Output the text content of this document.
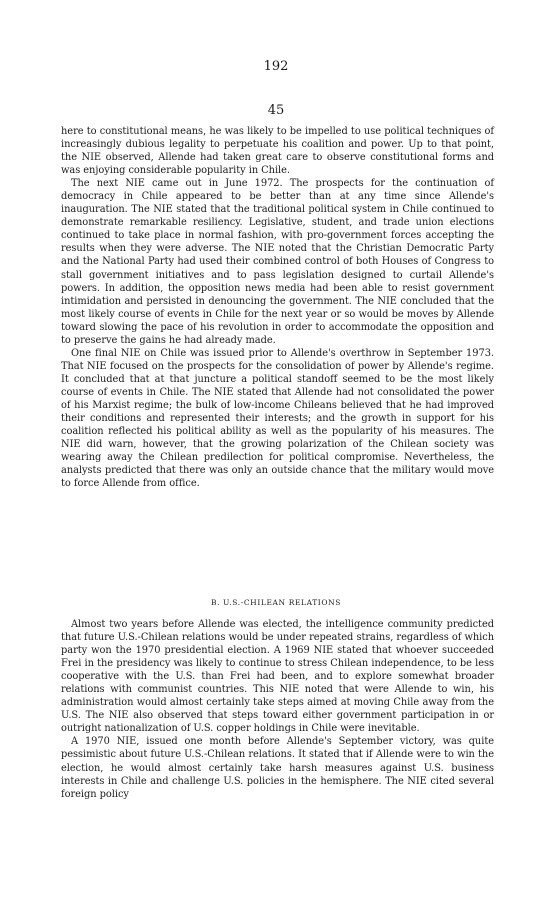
192
45

here to constitutional means, he was likely to be impelled to use political techniques of increasingly dubious legality to perpetuate his coalition and power. Up to that point, the NIE observed, Allende had taken great care to observe constitutional forms and was enjoying considerable popularity in Chile.

The next NIE came out in June 1972. The prospects for the continuation of democracy in Chile appeared to be better than at any time since Allende's inauguration. The NIE stated that the traditional political system in Chile continued to demonstrate remarkable resiliency. Legislative, student, and trade union elections continued to take place in normal fashion, with pro-government forces accepting the results when they were adverse. The NIE noted that the Christian Democratic Party and the National Party had used their combined control of both Houses of Congress to stall government initiatives and to pass legislation designed to curtail Allende's powers. In addition, the opposition news media had been able to resist government intimidation and persisted in denouncing the government. The NIE concluded that the most likely course of events in Chile for the next year or so would be moves by Allende toward slowing the pace of his revolution in order to accommodate the opposition and to preserve the gains he had already made.

One final NIE on Chile was issued prior to Allende's overthrow in September 1973. That NIE focused on the prospects for the consolidation of power by Allende's regime. It concluded that at that juncture a political standoff seemed to be the most likely course of events in Chile. The NIE stated that Allende had not consolidated the power of his Marxist regime; the bulk of low-income Chileans believed that he had improved their conditions and represented their interests; and the growth in support for his coalition reflected his political ability as well as the popularity of his measures. The NIE did warn, however, that the growing polarization of the Chilean society was wearing away the Chilean predilection for political compromise. Nevertheless, the analysts predicted that there was only an outside chance that the military would move to force Allende from office.

B. U.S.-CHILEAN RELATIONS

Almost two years before Allende was elected, the intelligence community predicted that future U.S.-Chilean relations would be under repeated strains, regardless of which party won the 1970 presidential election. A 1969 NIE stated that whoever succeeded Frei in the presidency was likely to continue to stress Chilean independence, to be less cooperative with the U.S. than Frei had been, and to explore somewhat broader relations with communist countries. This NIE noted that were Allende to win, his administration would almost certainly take steps aimed at moving Chile away from the U.S. The NIE also observed that steps toward either government participation in or outright nationalization of U.S. copper holdings in Chile were inevitable.

A 1970 NIE, issued one month before Allende's September victory, was quite pessimistic about future U.S.-Chilean relations. It stated that if Allende were to win the election, he would almost certainly take harsh measures against U.S. business interests in Chile and challenge U.S. policies in the hemisphere. The NIE cited several foreign policy
